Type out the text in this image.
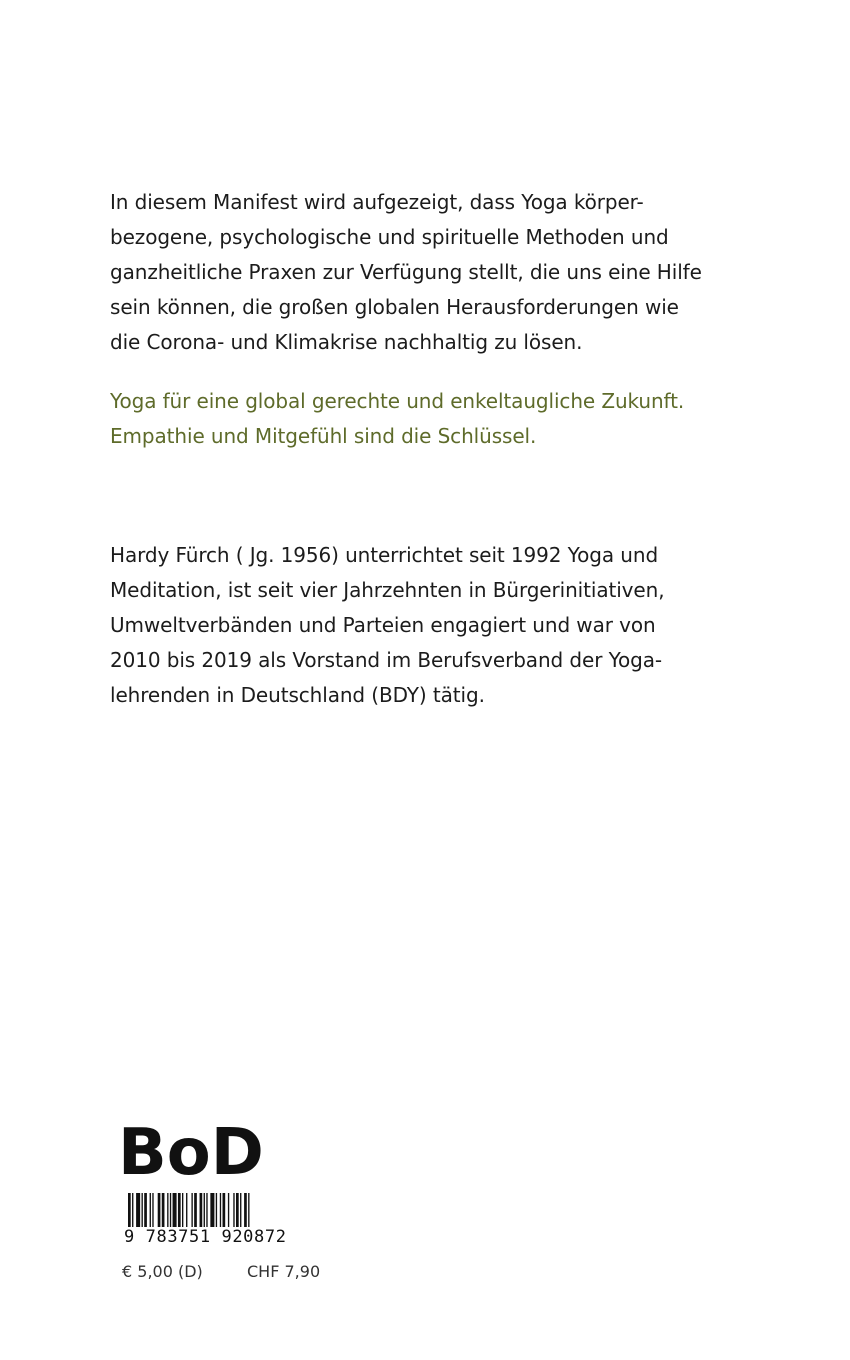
In diesem Manifest wird aufgezeigt, dass Yoga körper-
bezogene, psychologische und spirituelle Methoden und
ganzheitliche Praxen zur Verfügung stellt, die uns eine Hilfe
sein können, die großen globalen Herausforderungen wie
die Corona- und Klimakrise nachhaltig zu lösen.
Yoga für eine global gerechte und enkeltaugliche Zukunft.
Empathie und Mitgefühl sind die Schlüssel.
Hardy Fürch ( Jg. 1956) unterrichtet seit 1992 Yoga und
Meditation, ist seit vier Jahrzehnten in Bürgerinitiativen,
Umweltverbänden und Parteien engagiert und war von
2010 bis 2019 als Vorstand im Berufsverband der Yoga-
lehrenden in Deutschland (BDY) tätig.
BoD
9 783751 920872
€ 5,00 (D)	CHF 7,90
